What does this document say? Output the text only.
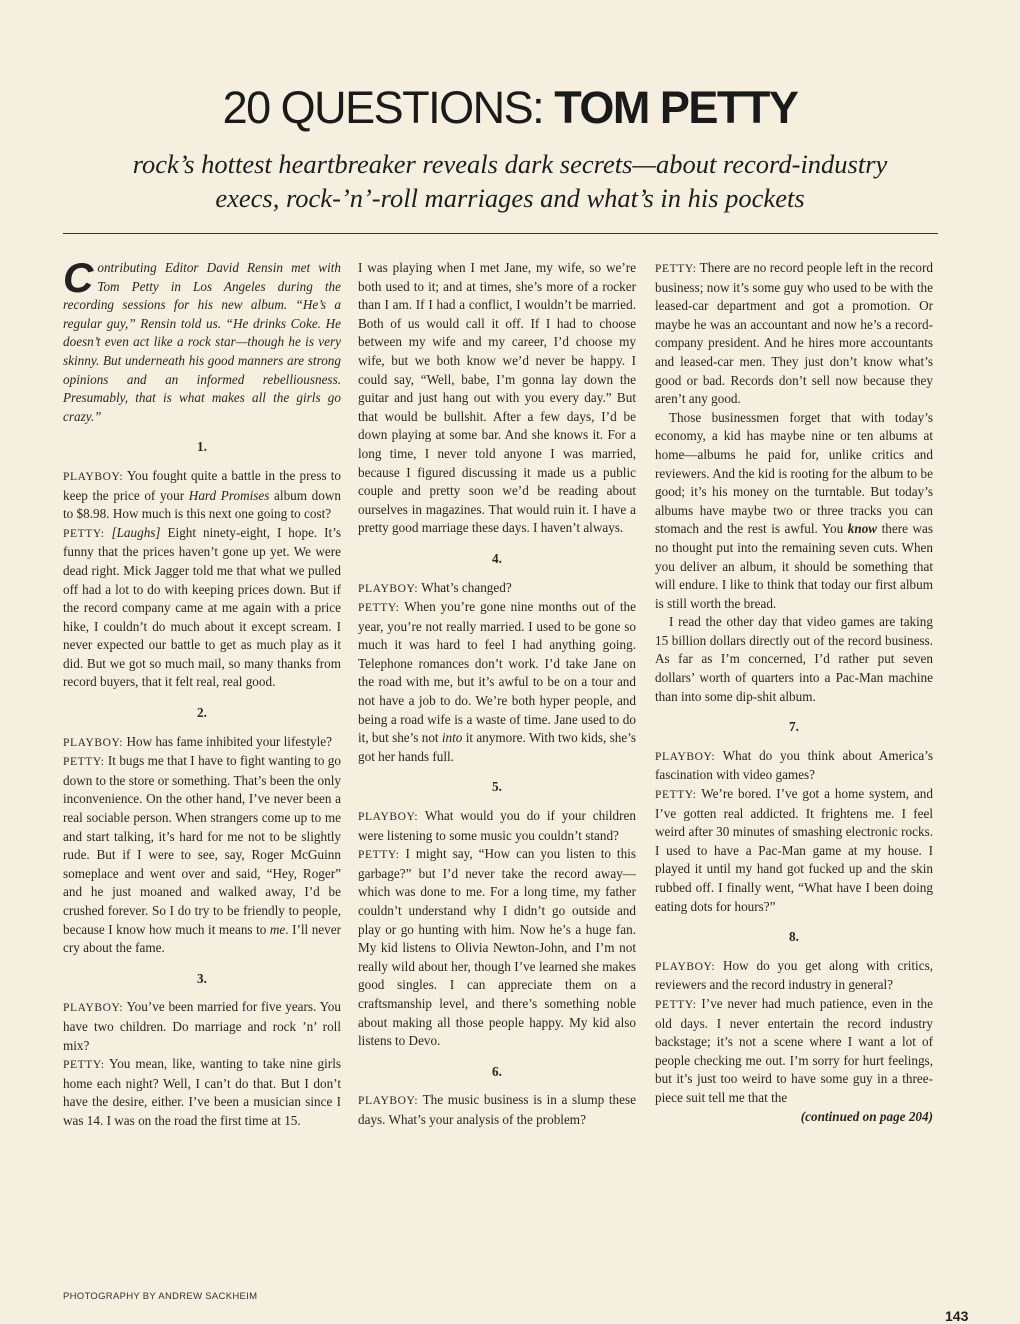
20 QUESTIONS: TOM PETTY

rock’s hottest heartbreaker reveals dark secrets—about record-industry execs, rock-’n’-roll marriages and what’s in his pockets

Contributing Editor David Rensin met with Tom Petty in Los Angeles during the recording sessions for his new album. “He’s a regular guy,” Rensin told us. “He drinks Coke. He doesn’t even act like a rock star—though he is very skinny. But underneath his good manners are strong opinions and an informed rebelliousness. Presumably, that is what makes all the girls go crazy.”

1.

PLAYBOY: You fought quite a battle in the press to keep the price of your Hard Promises album down to $8.98. How much is this next one going to cost?

PETTY: [Laughs] Eight ninety-eight, I hope. It’s funny that the prices haven’t gone up yet. We were dead right. Mick Jagger told me that what we pulled off had a lot to do with keeping prices down. But if the record company came at me again with a price hike, I couldn’t do much about it except scream. I never expected our battle to get as much play as it did. But we got so much mail, so many thanks from record buyers, that it felt real, real good.

2.

PLAYBOY: How has fame inhibited your lifestyle?

PETTY: It bugs me that I have to fight wanting to go down to the store or something. That’s been the only inconvenience. On the other hand, I’ve never been a real sociable person. When strangers come up to me and start talking, it’s hard for me not to be slightly rude. But if I were to see, say, Roger McGuinn someplace and went over and said, “Hey, Roger” and he just moaned and walked away, I’d be crushed forever. So I do try to be friendly to people, because I know how much it means to me. I’ll never cry about the fame.

3.

PLAYBOY: You’ve been married for five years. You have two children. Do marriage and rock ’n’ roll mix?

PETTY: You mean, like, wanting to take nine girls home each night? Well, I can’t do that. But I don’t have the desire, either. I’ve been a musician since I was 14. I was on the road the first time at 15.

I was playing when I met Jane, my wife, so we’re both used to it; and at times, she’s more of a rocker than I am. If I had a conflict, I wouldn’t be married. Both of us would call it off. If I had to choose between my wife and my career, I’d choose my wife, but we both know we’d never be happy. I could say, “Well, babe, I’m gonna lay down the guitar and just hang out with you every day.” But that would be bullshit. After a few days, I’d be down playing at some bar. And she knows it. For a long time, I never told anyone I was married, because I figured discussing it made us a public couple and pretty soon we’d be reading about ourselves in magazines. That would ruin it. I have a pretty good marriage these days. I haven’t always.

4.

PLAYBOY: What’s changed?

PETTY: When you’re gone nine months out of the year, you’re not really married. I used to be gone so much it was hard to feel I had anything going. Telephone romances don’t work. I’d take Jane on the road with me, but it’s awful to be on a tour and not have a job to do. We’re both hyper people, and being a road wife is a waste of time. Jane used to do it, but she’s not into it anymore. With two kids, she’s got her hands full.

5.

PLAYBOY: What would you do if your children were listening to some music you couldn’t stand?

PETTY: I might say, “How can you listen to this garbage?” but I’d never take the record away—which was done to me. For a long time, my father couldn’t understand why I didn’t go outside and play or go hunting with him. Now he’s a huge fan. My kid listens to Olivia Newton-John, and I’m not really wild about her, though I’ve learned she makes good singles. I can appreciate them on a craftsmanship level, and there’s something noble about making all those people happy. My kid also listens to Devo.

6.

PLAYBOY: The music business is in a slump these days. What’s your analysis of the problem?

PETTY: There are no record people left in the record business; now it’s some guy who used to be with the leased-car department and got a promotion. Or maybe he was an accountant and now he’s a record-company president. And he hires more accountants and leased-car men. They just don’t know what’s good or bad. Records don’t sell now because they aren’t any good.

Those businessmen forget that with today’s economy, a kid has maybe nine or ten albums at home—albums he paid for, unlike critics and reviewers. And the kid is rooting for the album to be good; it’s his money on the turntable. But today’s albums have maybe two or three tracks you can stomach and the rest is awful. You know there was no thought put into the remaining seven cuts. When you deliver an album, it should be something that will endure. I like to think that today our first album is still worth the bread.

I read the other day that video games are taking 15 billion dollars directly out of the record business. As far as I’m concerned, I’d rather put seven dollars’ worth of quarters into a Pac-Man machine than into some dip-shit album.

7.

PLAYBOY: What do you think about America’s fascination with video games?

PETTY: We’re bored. I’ve got a home system, and I’ve gotten real addicted. It frightens me. I feel weird after 30 minutes of smashing electronic rocks. I used to have a Pac-Man game at my house. I played it until my hand got fucked up and the skin rubbed off. I finally went, “What have I been doing eating dots for hours?”

8.

PLAYBOY: How do you get along with critics, reviewers and the record industry in general?

PETTY: I’ve never had much patience, even in the old days. I never entertain the record industry backstage; it’s not a scene where I want a lot of people checking me out. I’m sorry for hurt feelings, but it’s just too weird to have some guy in a three-piece suit tell me that the

(continued on page 204)

143
PHOTOGRAPHY BY ANDREW SACKHEIM
